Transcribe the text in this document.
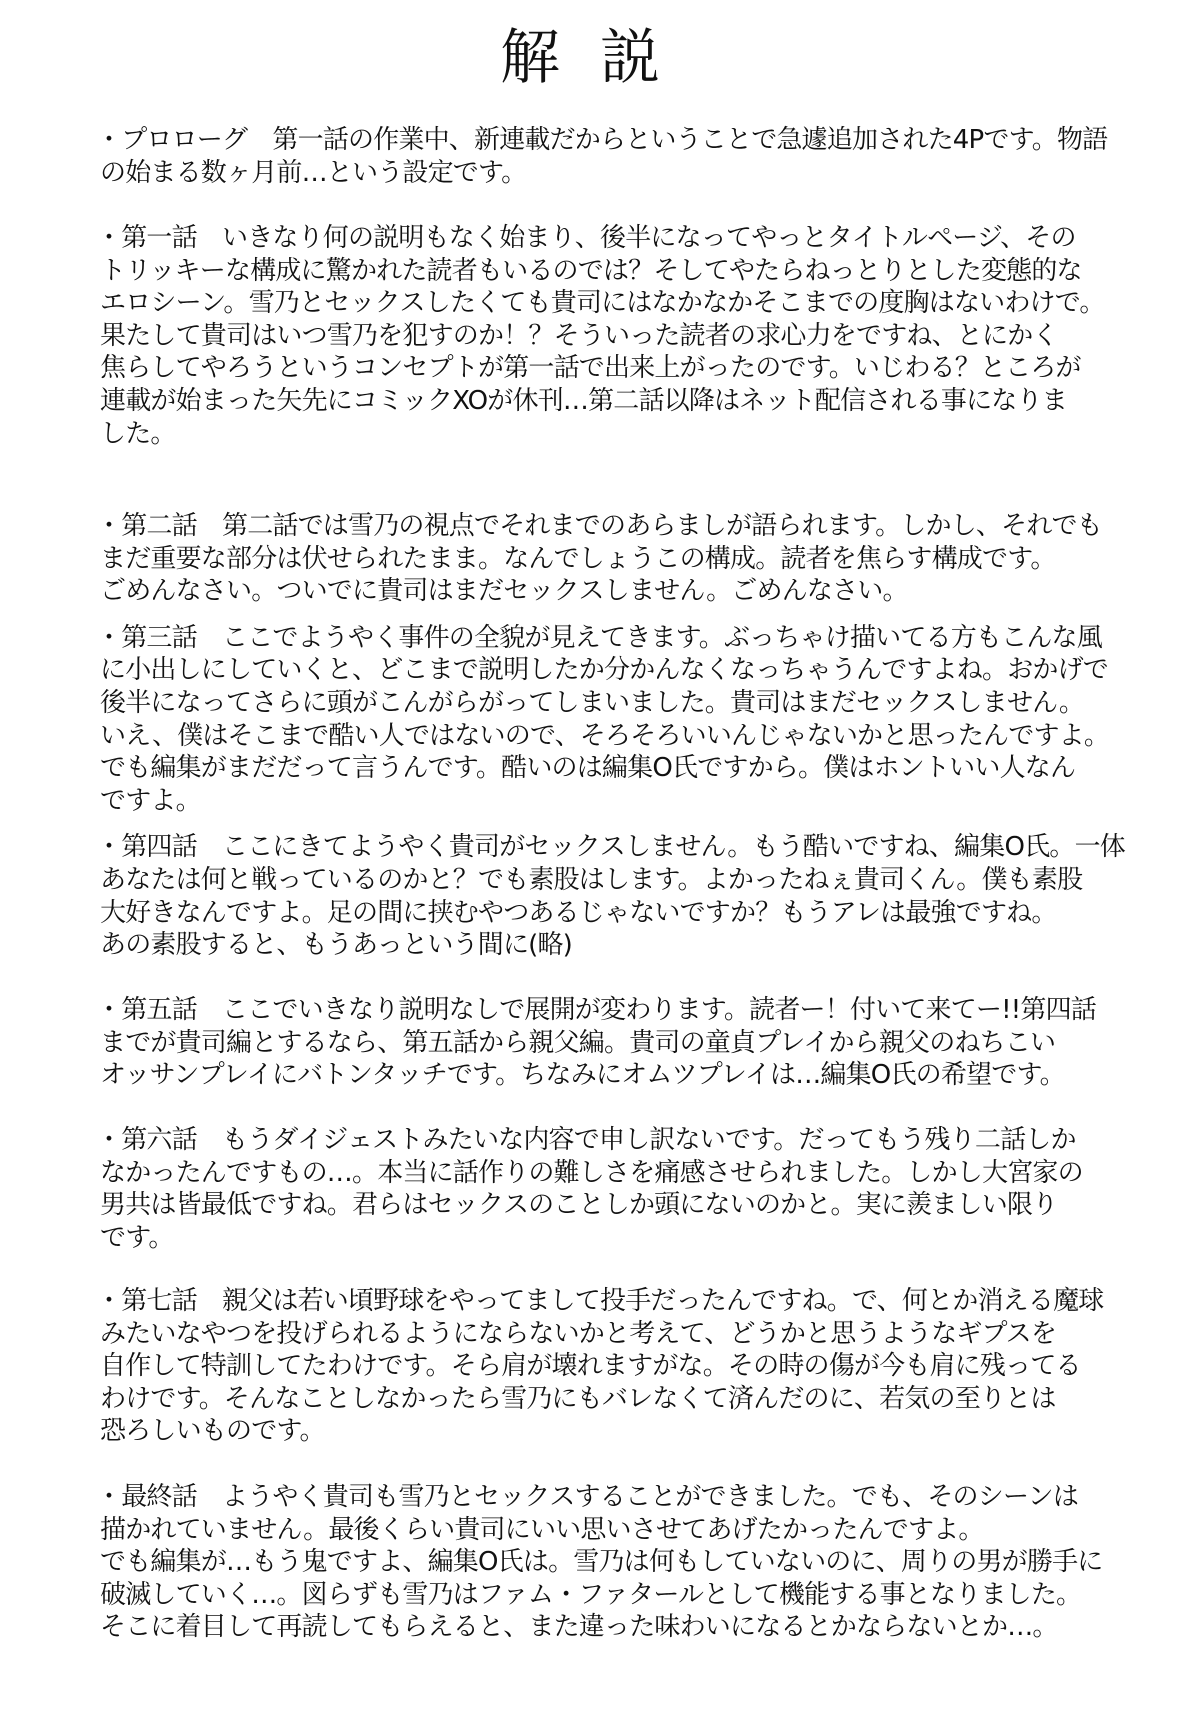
解説
・プロローグ　第一話の作業中、新連載だからということで急遽追加された4Pです。物語
の始まる数ヶ月前…という設定です。
・第一話　いきなり何の説明もなく始まり、後半になってやっとタイトルページ、その
トリッキーな構成に驚かれた読者もいるのでは？そしてやたらねっとりとした変態的な
エロシーン。雪乃とセックスしたくても貴司にはなかなかそこまでの度胸はないわけで。
果たして貴司はいつ雪乃を犯すのか！？そういった読者の求心力をですね、とにかく
焦らしてやろうというコンセプトが第一話で出来上がったのです。いじわる？ところが
連載が始まった矢先にコミックXOが休刊…第二話以降はネット配信される事になりま
した。
・第二話　第二話では雪乃の視点でそれまでのあらましが語られます。しかし、それでも
まだ重要な部分は伏せられたまま。なんでしょうこの構成。読者を焦らす構成です。
ごめんなさい。ついでに貴司はまだセックスしません。ごめんなさい。
・第三話　ここでようやく事件の全貌が見えてきます。ぶっちゃけ描いてる方もこんな風
に小出しにしていくと、どこまで説明したか分かんなくなっちゃうんですよね。おかげで
後半になってさらに頭がこんがらがってしまいました。貴司はまだセックスしません。
いえ、僕はそこまで酷い人ではないので、そろそろいいんじゃないかと思ったんですよ。
でも編集がまだだって言うんです。酷いのは編集O氏ですから。僕はホントいい人なん
ですよ。
・第四話　ここにきてようやく貴司がセックスしません。もう酷いですね、編集O氏。一体
あなたは何と戦っているのかと？でも素股はします。よかったねぇ貴司くん。僕も素股
大好きなんですよ。足の間に挟むやつあるじゃないですか？もうアレは最強ですね。
あの素股すると、もうあっという間に(略)
・第五話　ここでいきなり説明なしで展開が変わります。読者ー！付いて来てー!!第四話
までが貴司編とするなら、第五話から親父編。貴司の童貞プレイから親父のねちこい
オッサンプレイにバトンタッチです。ちなみにオムツプレイは…編集O氏の希望です。
・第六話　もうダイジェストみたいな内容で申し訳ないです。だってもう残り二話しか
なかったんですもの…。本当に話作りの難しさを痛感させられました。しかし大宮家の
男共は皆最低ですね。君らはセックスのことしか頭にないのかと。実に羨ましい限り
です。
・第七話　親父は若い頃野球をやってまして投手だったんですね。で、何とか消える魔球
みたいなやつを投げられるようにならないかと考えて、どうかと思うようなギプスを
自作して特訓してたわけです。そら肩が壊れますがな。その時の傷が今も肩に残ってる
わけです。そんなことしなかったら雪乃にもバレなくて済んだのに、若気の至りとは
恐ろしいものです。
・最終話　ようやく貴司も雪乃とセックスすることができました。でも、そのシーンは
描かれていません。最後くらい貴司にいい思いさせてあげたかったんですよ。
でも編集が…もう鬼ですよ、編集O氏は。雪乃は何もしていないのに、周りの男が勝手に
破滅していく…。図らずも雪乃はファム・ファタールとして機能する事となりました。
そこに着目して再読してもらえると、また違った味わいになるとかならないとか…。
